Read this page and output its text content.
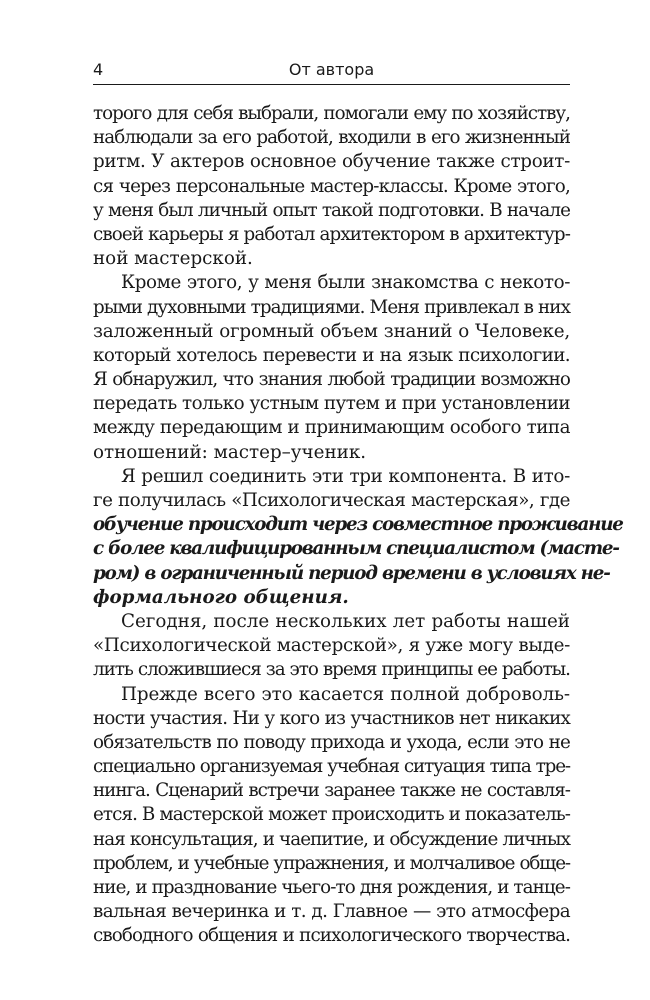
4	От автора
торого для себя выбрали, помогали ему по хозяйству,
наблюдали за его работой, входили в его жизненный
ритм. У актеров основное обучение также строит-
ся через персональные мастер-классы. Кроме этого,
у меня был личный опыт такой подготовки. В начале
своей карьеры я работал архитектором в архитектур-
ной мастерской.
Кроме этого, у меня были знакомства с некото-
рыми духовными традициями. Меня привлекал в них
заложенный огромный объем знаний о Человеке,
который хотелось перевести и на язык психологии.
Я обнаружил, что знания любой традиции возможно
передать только устным путем и при установлении
между передающим и принимающим особого типа
отношений: мастер–ученик.
Я решил соединить эти три компонента. В ито-
ге получилась «Психологическая мастерская», где
обучение происходит через совместное проживание
с более квалифицированным специалистом (масте-
ром) в ограниченный период времени в условиях не-
формального общения.
Сегодня, после нескольких лет работы нашей
«Психологической мастерской», я уже могу выде-
лить сложившиеся за это время принципы ее работы.
Прежде всего это касается полной доброволь-
ности участия. Ни у кого из участников нет никаких
обязательств по поводу прихода и ухода, если это не
специально организуемая учебная ситуация типа тре-
нинга. Сценарий встречи заранее также не составля-
ется. В мастерской может происходить и показатель-
ная консультация, и чаепитие, и обсуждение личных
проблем, и учебные упражнения, и молчаливое обще-
ние, и празднование чьего-то дня рождения, и танце-
вальная вечеринка и т. д. Главное — это атмосфера
свободного общения и психологического творчества.
